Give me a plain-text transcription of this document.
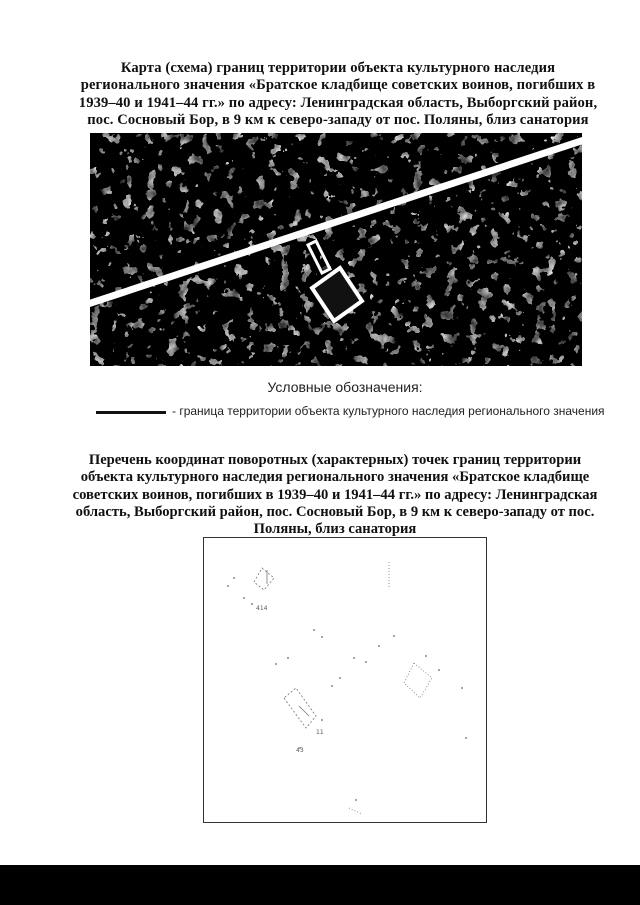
Карта (схема) границ территории объекта культурного наследия
регионального значения «Братское кладбище советских воинов, погибших в
1939–40 и 1941–44 гг.» по адресу: Ленинградская область, Выборгский район,
пос. Сосновый Бор, в 9 км к северо-западу от пос. Поляны, близ санатория
Условные обозначения:
- граница территории объекта культурного наследия регионального значения
Перечень координат поворотных (характерных) точек границ территории
объекта культурного наследия регионального значения «Братское кладбище
советских воинов, погибших в 1939–40 и 1941–44 гг.» по адресу: Ленинградская
область, Выборгский район, пос. Сосновый Бор, в 9 км к северо-западу от пос.
Поляны, близ санатория
414
11
43
